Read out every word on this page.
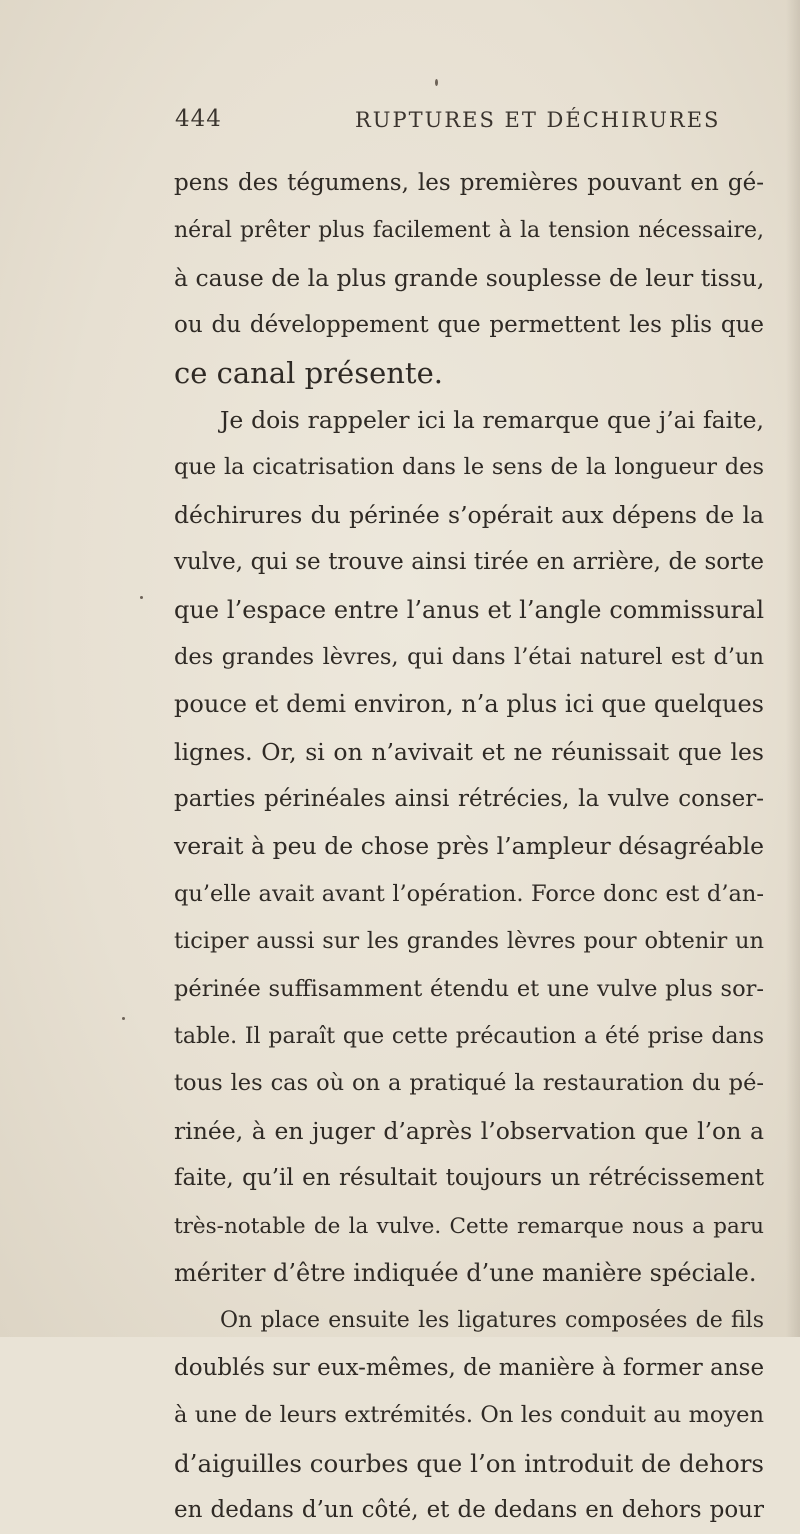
444	RUPTURES ET DÉCHIRURES
pens des tégumens, les premières pouvant en gé-
néral prêter plus facilement à la tension nécessaire,
à cause de la plus grande souplesse de leur tissu,
ou du développement que permettent les plis que
ce canal présente.
Je dois rappeler ici la remarque que j’ai faite,
que la cicatrisation dans le sens de la longueur des
déchirures du périnée s’opérait aux dépens de la
vulve, qui se trouve ainsi tirée en arrière, de sorte
que l’espace entre l’anus et l’angle commissural
des grandes lèvres, qui dans l’étai naturel est d’un
pouce et demi environ, n’a plus ici que quelques
lignes. Or, si on n’avivait et ne réunissait que les
parties périnéales ainsi rétrécies, la vulve conser-
verait à peu de chose près l’ampleur désagréable
qu’elle avait avant l’opération. Force donc est d’an-
ticiper aussi sur les grandes lèvres pour obtenir un
périnée suffisamment étendu et une vulve plus sor-
table. Il paraît que cette précaution a été prise dans
tous les cas où on a pratiqué la restauration du pé-
rinée, à en juger d’après l’observation que l’on a
faite, qu’il en résultait toujours un rétrécissement
très-notable de la vulve. Cette remarque nous a paru
mériter d’être indiquée d’une manière spéciale.
On place ensuite les ligatures composées de fils
doublés sur eux-mêmes, de manière à former anse
à une de leurs extrémités. On les conduit au moyen
d’aiguilles courbes que l’on introduit de dehors
en dedans d’un côté, et de dedans en dehors pour
